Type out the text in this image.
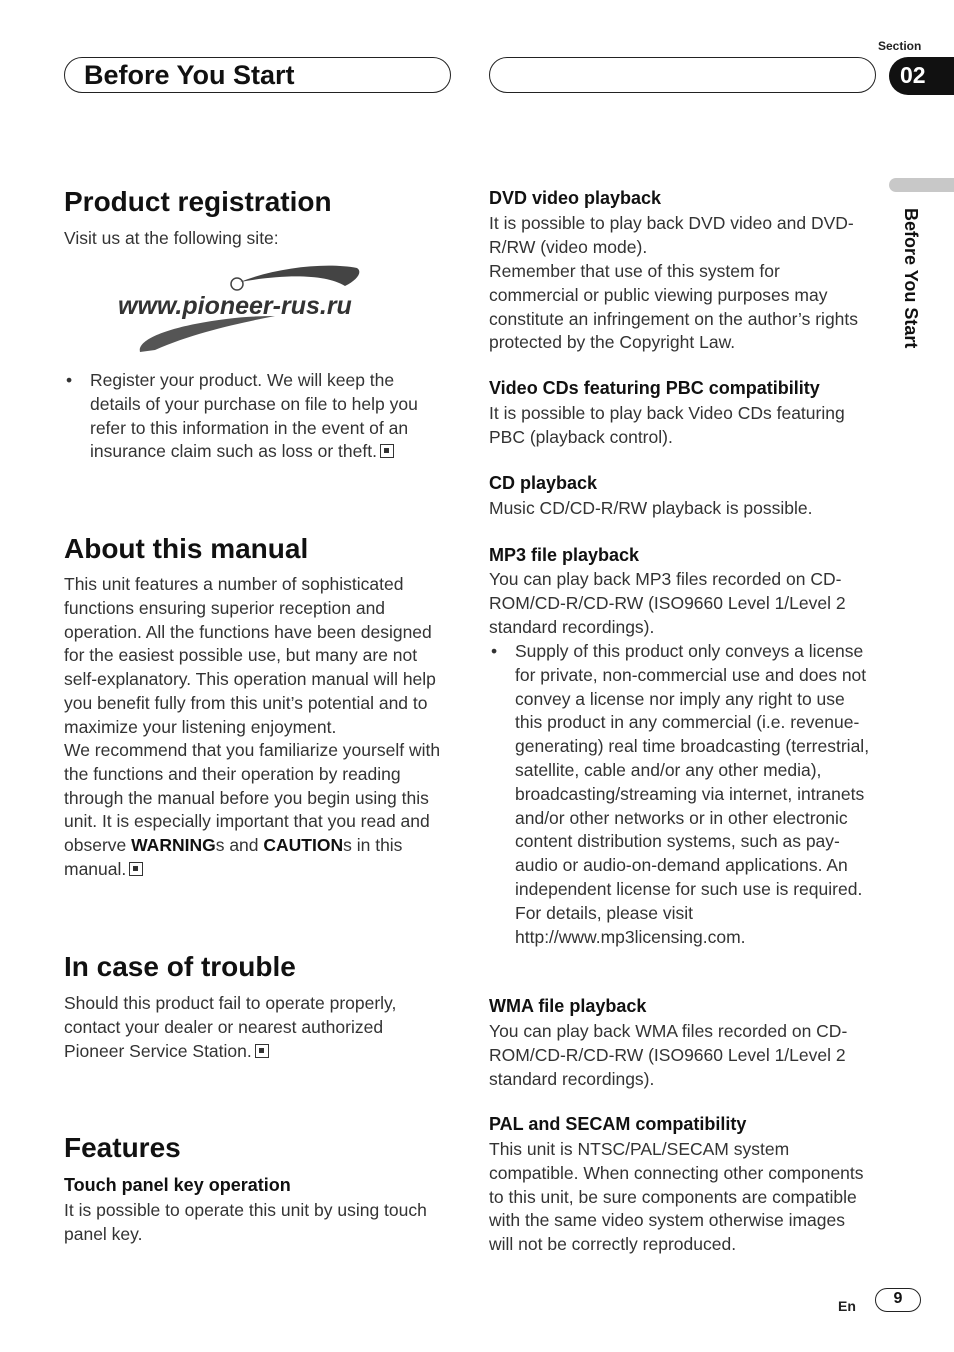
Before You Start
Section
02
Before You Start
Product registration

Visit us at the following site:

www.pioneer-rus.ru
• Register your product. We will keep the details of your purchase on file to help you refer to this information in the event of an insurance claim such as loss or theft.

About this manual

This unit features a number of sophisticated functions ensuring superior reception and operation. All the functions have been designed for the easiest possible use, but many are not self-explanatory. This operation manual will help you benefit fully from this unit’s potential and to maximize your listening enjoyment.

We recommend that you familiarize yourself with the functions and their operation by reading through the manual before you begin using this unit. It is especially important that you read and observe WARNINGs and CAUTIONs in this manual.

In case of trouble

Should this product fail to operate properly, contact your dealer or nearest authorized Pioneer Service Station.

Features
Touch panel key operation

It is possible to operate this unit by using touch panel key.

DVD video playback

It is possible to play back DVD video and DVD-R/RW (video mode).

Remember that use of this system for commercial or public viewing purposes may constitute an infringement on the author’s rights protected by the Copyright Law.

Video CDs featuring PBC compatibility

It is possible to play back Video CDs featuring PBC (playback control).

CD playback

Music CD/CD-R/RW playback is possible.

MP3 file playback

You can play back MP3 files recorded on CD-ROM/CD-R/CD-RW (ISO9660 Level 1/Level 2 standard recordings).

• Supply of this product only conveys a license for private, non-commercial use and does not convey a license nor imply any right to use this product in any commercial (i.e. revenue-generating) real time broadcasting (terrestrial, satellite, cable and/or any other media), broadcasting/streaming via internet, intranets and/or other networks or in other electronic content distribution systems, such as pay-audio or audio-on-demand applications. An independent license for such use is required. For details, please visit http://www.mp3licensing.com.

WMA file playback

You can play back WMA files recorded on CD-ROM/CD-R/CD-RW (ISO9660 Level 1/Level 2 standard recordings).

PAL and SECAM compatibility

This unit is NTSC/PAL/SECAM system compatible. When connecting other components to this unit, be sure components are compatible with the same video system otherwise images will not be correctly reproduced.

En	9
